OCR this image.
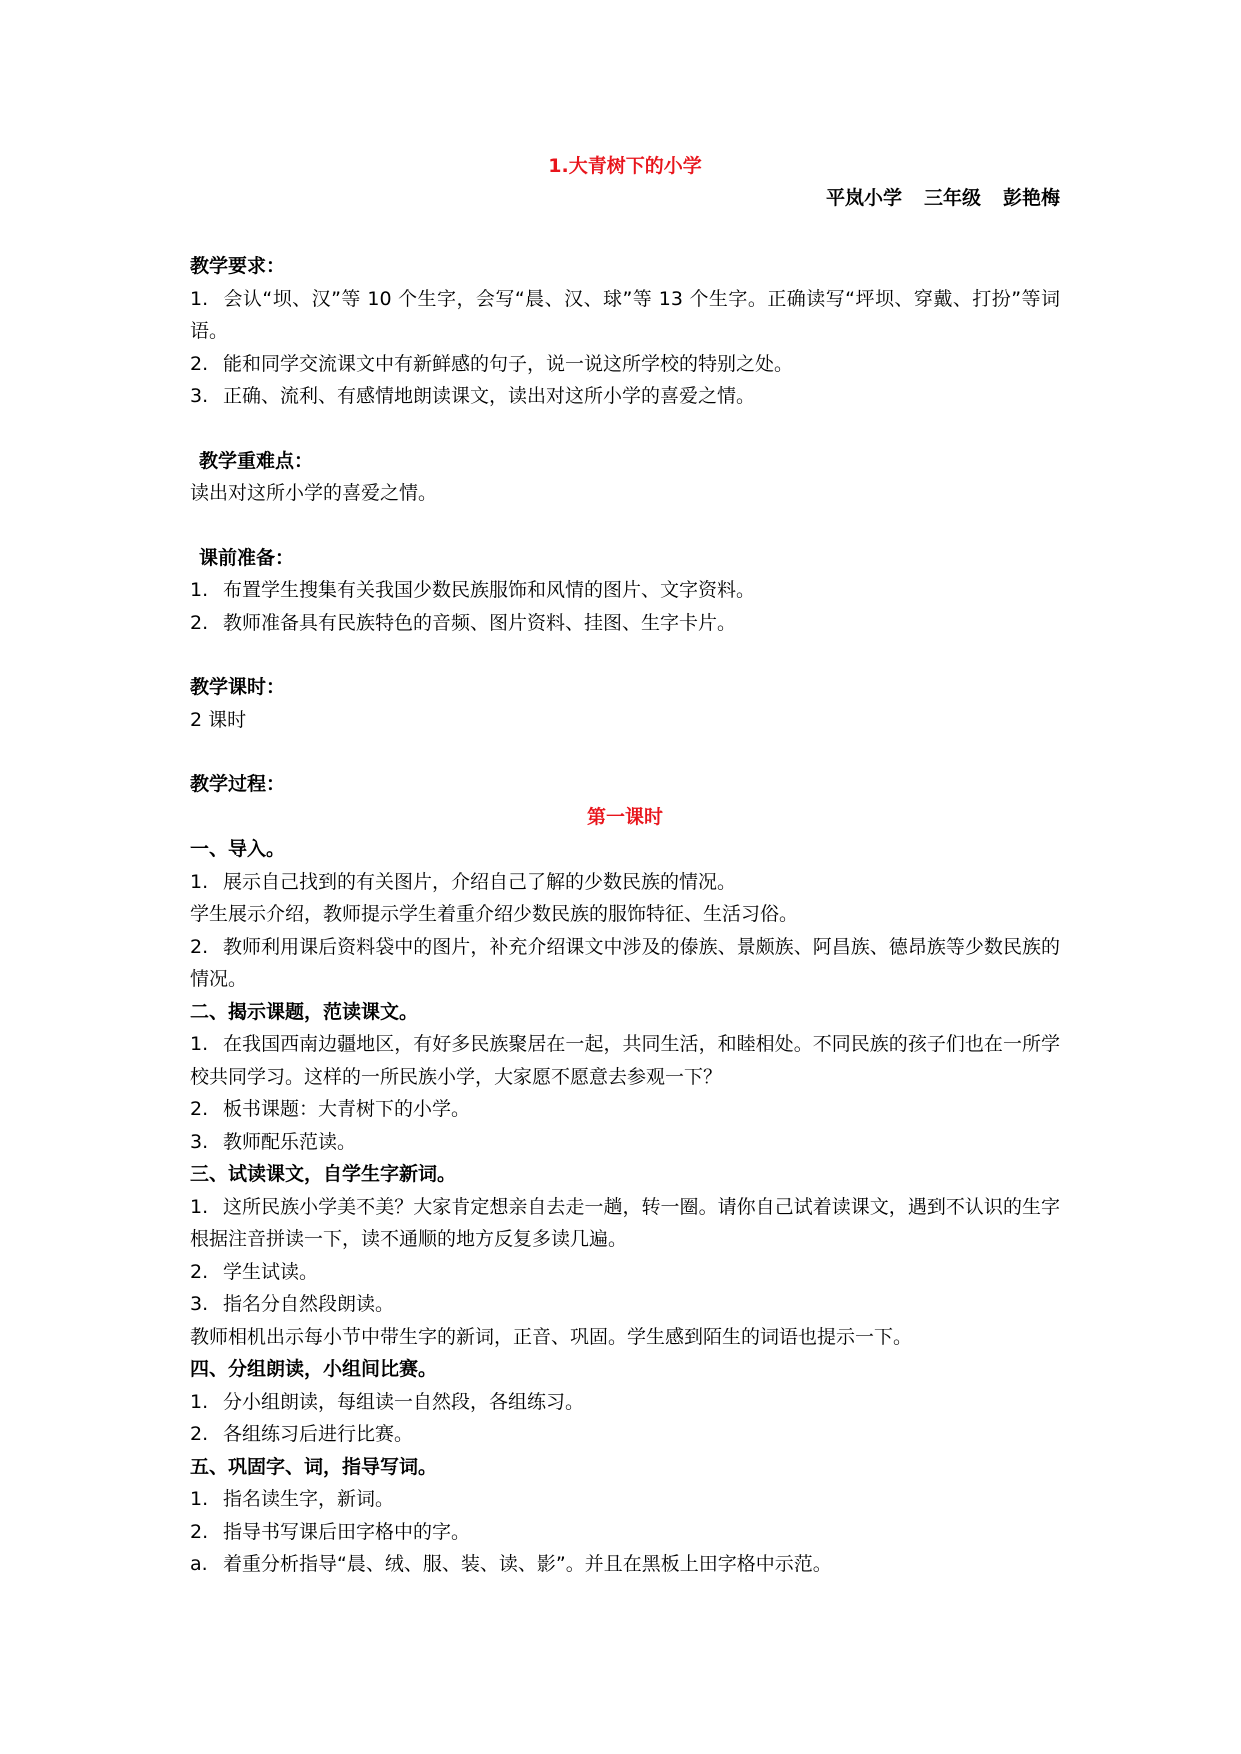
1.大青树下的小学
平岚小学 三年级 彭艳梅
教学要求：
1. 会认“坝、汉”等 10 个生字，会写“晨、汉、球”等 13 个生字。正确读写“坪坝、穿戴、打扮”等词语。
2. 能和同学交流课文中有新鲜感的句子，说一说这所学校的特别之处。
3. 正确、流利、有感情地朗读课文，读出对这所小学的喜爱之情。
教学重难点：
读出对这所小学的喜爱之情。
课前准备：
1. 布置学生搜集有关我国少数民族服饰和风情的图片、文字资料。
2. 教师准备具有民族特色的音频、图片资料、挂图、生字卡片。
教学课时：
2 课时
教学过程：
第一课时
一、导入。
1. 展示自己找到的有关图片，介绍自己了解的少数民族的情况。
学生展示介绍，教师提示学生着重介绍少数民族的服饰特征、生活习俗。
2. 教师利用课后资料袋中的图片，补充介绍课文中涉及的傣族、景颇族、阿昌族、德昂族等少数民族的情况。
二、揭示课题，范读课文。
1. 在我国西南边疆地区，有好多民族聚居在一起，共同生活，和睦相处。不同民族的孩子们也在一所学校共同学习。这样的一所民族小学，大家愿不愿意去参观一下？
2. 板书课题：大青树下的小学。
3. 教师配乐范读。
三、试读课文，自学生字新词。
1. 这所民族小学美不美？大家肯定想亲自去走一趟，转一圈。请你自己试着读课文，遇到不认识的生字根据注音拼读一下，读不通顺的地方反复多读几遍。
2. 学生试读。
3. 指名分自然段朗读。
教师相机出示每小节中带生字的新词，正音、巩固。学生感到陌生的词语也提示一下。
四、分组朗读，小组间比赛。
1. 分小组朗读，每组读一自然段，各组练习。
2. 各组练习后进行比赛。
五、巩固字、词，指导写词。
1. 指名读生字，新词。
2. 指导书写课后田字格中的字。
a. 着重分析指导“晨、绒、服、装、读、影”。并且在黑板上田字格中示范。
